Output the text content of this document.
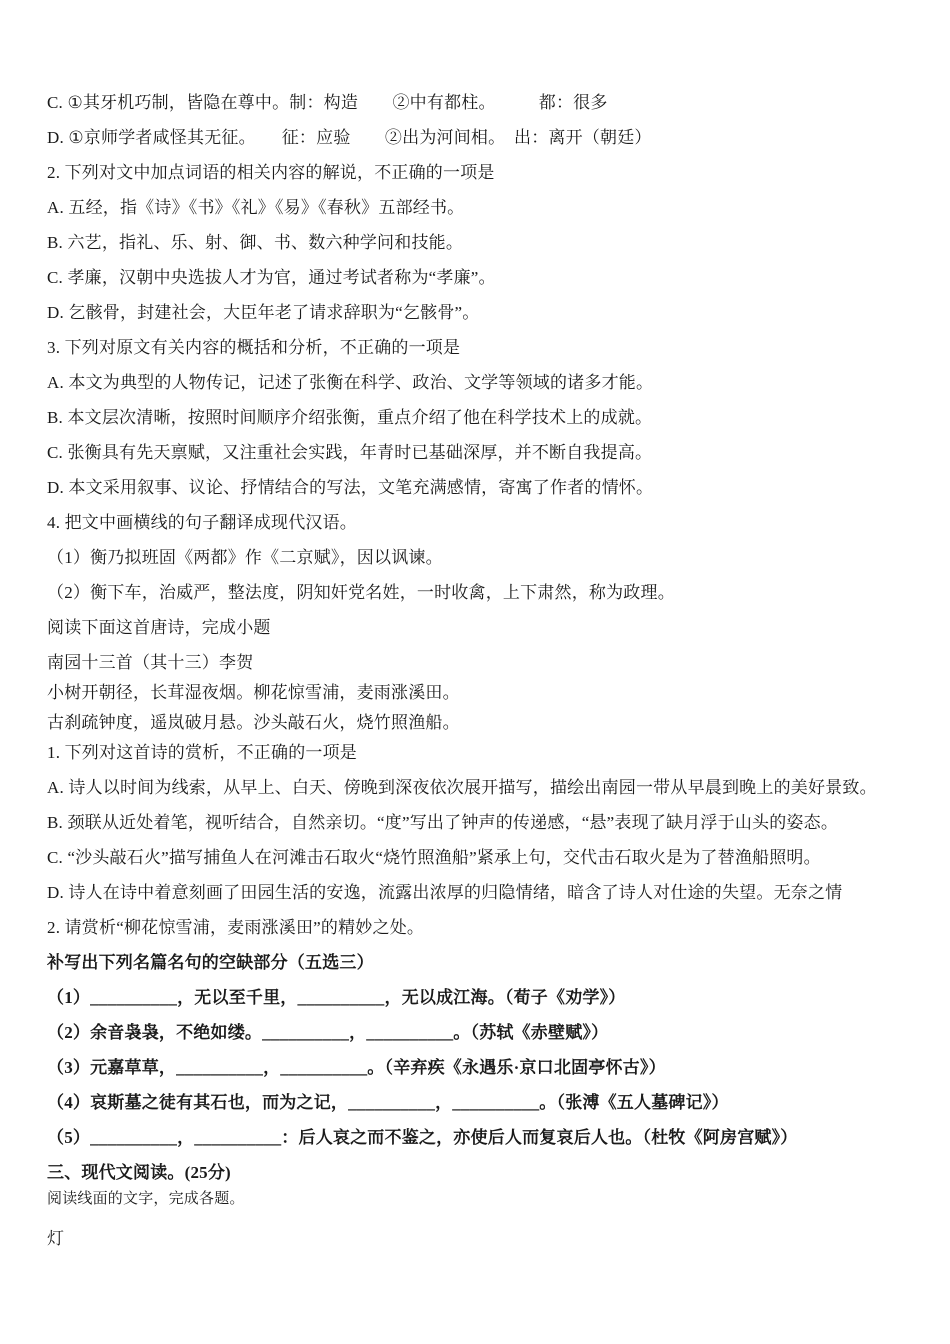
C. ①其牙机巧制，皆隐在尊中。制：构造　　②中有都柱。　　　都：很多

D. ①京师学者咸怪其无征。　　征：应验　　②出为河间相。　出：离开（朝廷）

2. 下列对文中加点词语的相关内容的解说，不正确的一项是

A. 五经，指《诗》《书》《礼》《易》《春秋》五部经书。

B. 六艺，指礼、乐、射、御、书、数六种学问和技能。

C. 孝廉，汉朝中央选拔人才为官，通过考试者称为“孝廉”。

D. 乞骸骨，封建社会，大臣年老了请求辞职为“乞骸骨”。

3. 下列对原文有关内容的概括和分析，不正确的一项是

A. 本文为典型的人物传记，记述了张衡在科学、政治、文学等领域的诸多才能。

B. 本文层次清晰，按照时间顺序介绍张衡，重点介绍了他在科学技术上的成就。

C. 张衡具有先天禀赋，又注重社会实践，年青时已基础深厚，并不断自我提高。

D. 本文采用叙事、议论、抒情结合的写法，文笔充满感情，寄寓了作者的情怀。

4. 把文中画横线的句子翻译成现代汉语。

（1）衡乃拟班固《两都》作《二京赋》，因以讽谏。

（2）衡下车，治威严，整法度，阴知奸党名姓，一时收禽，上下肃然，称为政理。

阅读下面这首唐诗，完成小题

南园十三首（其十三）李贺

小树开朝径，长茸湿夜烟。柳花惊雪浦，麦雨涨溪田。

古刹疏钟度，遥岚破月悬。沙头敲石火，烧竹照渔船。

1. 下列对这首诗的赏析，不正确的一项是

A. 诗人以时间为线索，从早上、白天、傍晚到深夜依次展开描写，描绘出南园一带从早晨到晚上的美好景致。

B. 颈联从近处着笔，视听结合，自然亲切。“度”写出了钟声的传递感，“悬”表现了缺月浮于山头的姿态。

C. “沙头敲石火”描写捕鱼人在河滩击石取火“烧竹照渔船”紧承上句，交代击石取火是为了替渔船照明。

D. 诗人在诗中着意刻画了田园生活的安逸，流露出浓厚的归隐情绪，暗含了诗人对仕途的失望。无奈之情

2. 请赏析“柳花惊雪浦，麦雨涨溪田”的精妙之处。

补写出下列名篇名句的空缺部分（五选三）

（1）__________，无以至千里，__________，无以成江海。（荀子《劝学》）

（2）余音袅袅，不绝如缕。__________，__________。（苏轼《赤壁赋》）

（3）元嘉草草，__________，__________。（辛弃疾《永遇乐·京口北固亭怀古》）

（4）哀斯墓之徒有其石也，而为之记，__________，__________。（张溥《五人墓碑记》）

（5）__________，__________：后人哀之而不鉴之，亦使后人而复哀后人也。（杜牧《阿房宫赋》）

三、现代文阅读。(25分)

阅读线面的文字，完成各题。

灯
